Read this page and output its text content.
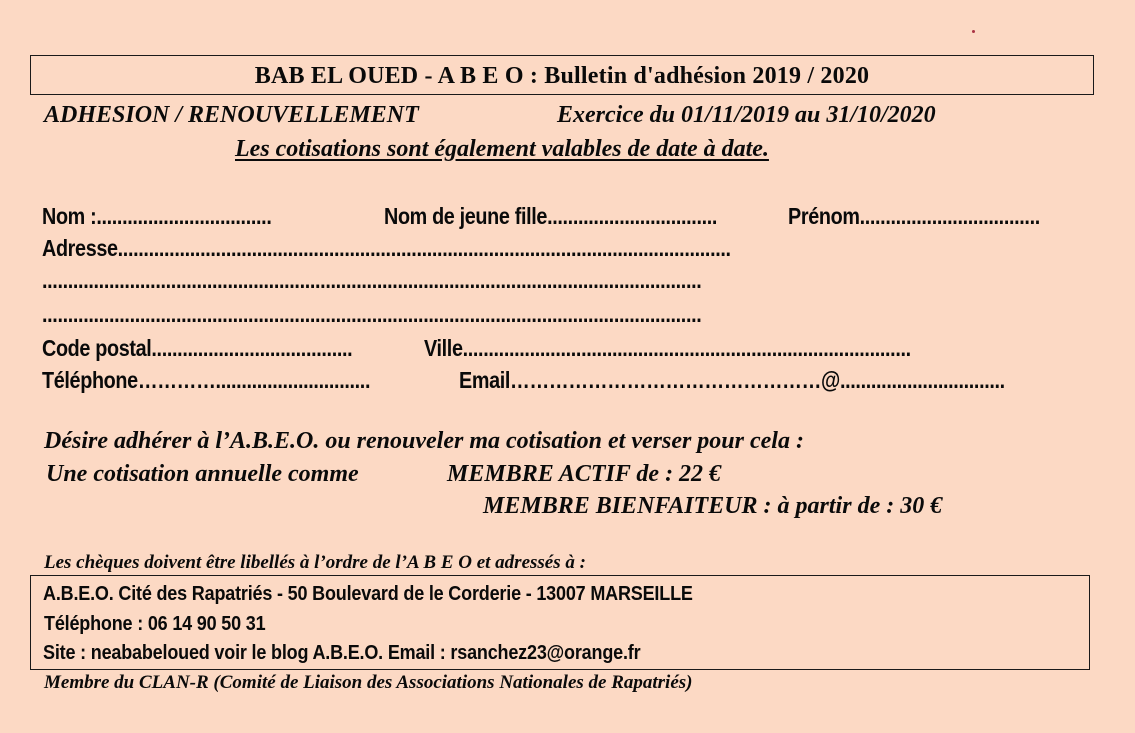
BAB EL OUED - A B E O : Bulletin d'adhésion 2019 / 2020
ADHESION / RENOUVELLEMENT	Exercice du 01/11/2019 au 31/10/2020
Les cotisations sont également valables de date à date.
Nom :..................................	Nom de jeune fille.................................	Prénom...................................
Adresse.......................................................................................................................
................................................................................................................................
................................................................................................................................
Code postal.......................................	Ville.......................................................................................
Téléphone…………..............................	Email…………………………………………@................................
Désire adhérer à l’A.B.E.O. ou renouveler ma cotisation et verser pour cela :
Une cotisation annuelle comme	MEMBRE ACTIF de : 22 €
MEMBRE BIENFAITEUR : à partir de : 30 €
Les chèques doivent être libellés à l’ordre de l’A B E O et adressés à :
A.B.E.O. Cité des Rapatriés - 50 Boulevard de le Corderie - 13007 MARSEILLE
Téléphone : 06 14 90 50 31
Site : neababeloued voir le blog A.B.E.O. Email : rsanchez23@orange.fr
Membre du CLAN-R (Comité de Liaison des Associations Nationales de Rapatriés)
